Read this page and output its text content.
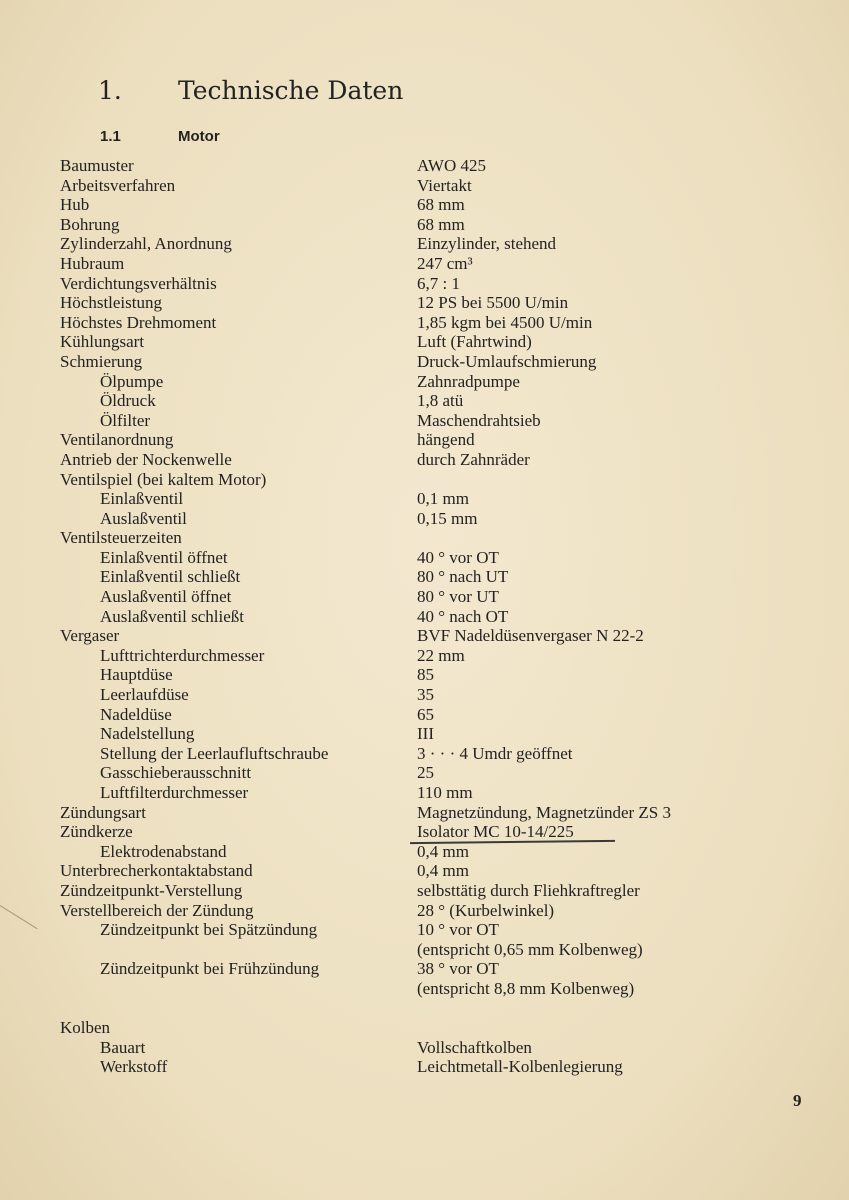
1. Technische Daten
1.1	Motor
Baumuster	AWO 425
Arbeitsverfahren	Viertakt
Hub	68 mm
Bohrung	68 mm
Zylinderzahl, Anordnung	Einzylinder, stehend
Hubraum	247 cm³
Verdichtungsverhältnis	6,7 : 1
Höchstleistung	12 PS bei 5500 U/min
Höchstes Drehmoment	1,85 kgm bei 4500 U/min
Kühlungsart	Luft (Fahrtwind)
Schmierung	Druck-Umlaufschmierung
Ölpumpe	Zahnradpumpe
Öldruck	1,8 atü
Ölfilter	Maschendrahtsieb
Ventilanordnung	hängend
Antrieb der Nockenwelle	durch Zahnräder
Ventilspiel (bei kaltem Motor)
Einlaßventil	0,1 mm
Auslaßventil	0,15 mm
Ventilsteuerzeiten
Einlaßventil öffnet	40 ° vor OT
Einlaßventil schließt	80 ° nach UT
Auslaßventil öffnet	80 ° vor UT
Auslaßventil schließt	40 ° nach OT
Vergaser	BVF Nadeldüsenvergaser N 22-2
Lufttrichterdurchmesser	22 mm
Hauptdüse	85
Leerlaufdüse	35
Nadeldüse	65
Nadelstellung	III
Stellung der Leerlaufluftschraube	3 · · · 4 Umdr geöffnet
Gasschieberausschnitt	25
Luftfilterdurchmesser	110 mm
Zündungsart	Magnetzündung, Magnetzünder ZS 3
Zündkerze	Isolator MC 10-14/225
Elektrodenabstand	0,4 mm
Unterbrecherkontaktabstand	0,4 mm
Zündzeitpunkt-Verstellung	selbsttätig durch Fliehkraftregler
Verstellbereich der Zündung	28 ° (Kurbelwinkel)
Zündzeitpunkt bei Spätzündung	10 ° vor OT
(entspricht 0,65 mm Kolbenweg)
Zündzeitpunkt bei Frühzündung	38 ° vor OT
(entspricht 8,8 mm Kolbenweg)
Kolben
Bauart	Vollschaftkolben
Werkstoff	Leichtmetall-Kolbenlegierung
9
